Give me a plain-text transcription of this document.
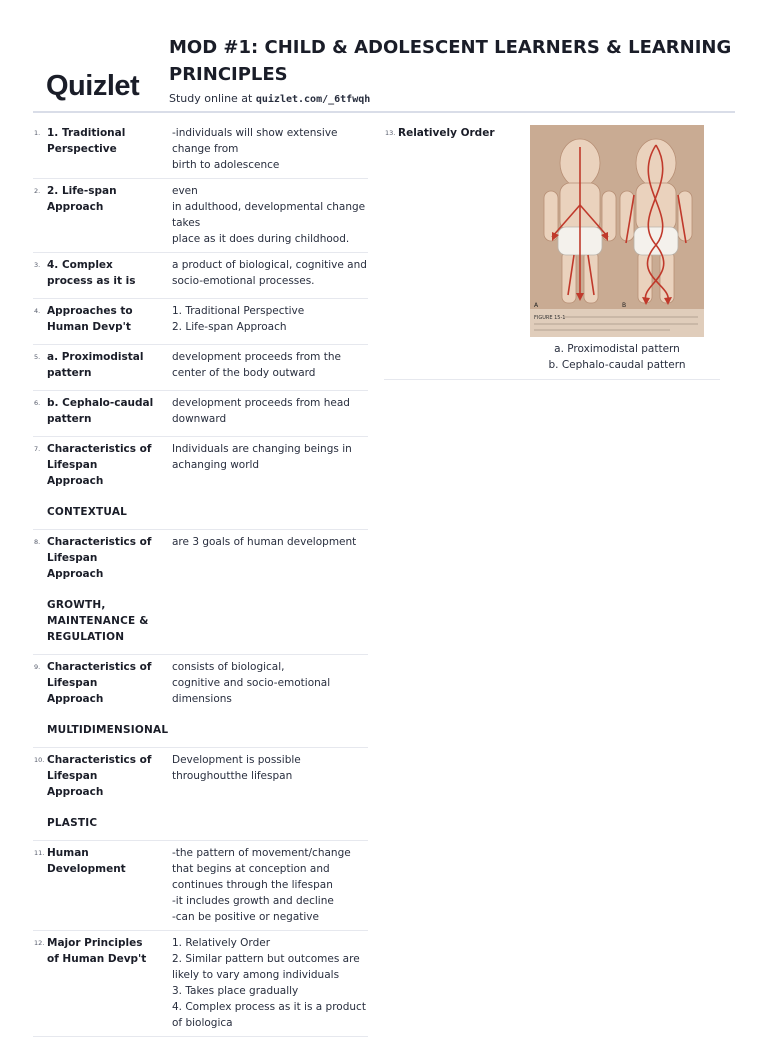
Quizlet
MOD #1: CHILD & ADOLESCENT LEARNERS & LEARNING PRINCIPLES
Study online at quizlet.com/_6tfwqh
1. 1. Traditional Perspective
-individuals will show extensive change from
birth to adolescence
2. 2. Life-span Approach
even
in adulthood, developmental change takes
place as it does during childhood.
3. 4. Complex process as it is
a product of biological, cognitive and socio-emotional processes.
4. Approaches to Human Devp't
1. Traditional Perspective
2. Life-span Approach
5. a. Proximodistal pattern
development proceeds from the center of the body outward
6. b. Cephalo-caudal pattern
development proceeds from head downward
7. Characteristics of Lifespan Approach
CONTEXTUAL
Individuals are changing beings in achanging world
8. Characteristics of Lifespan Approach
GROWTH, MAINTENANCE & REGULATION
are 3 goals of human development
9. Characteristics of Lifespan Approach
MULTIDIMENSIONAL
consists of biological,
cognitive and socio-emotional dimensions
10. Characteristics of Lifespan Approach
PLASTIC
Development is possible throughoutthe lifespan
11. Human Development
-the pattern of movement/change that begins at conception and continues through the lifespan
-it includes growth and decline
-can be positive or negative
12. Major Principles of Human Devp't
1. Relatively Order
2. Similar pattern but outcomes are likely to vary among individuals
3. Takes place gradually
4. Complex process as it is a product of biologica
13. Relatively Order
A	B
FIGURE 15-1
a. Proximodistal pattern
b. Cephalo-caudal pattern
